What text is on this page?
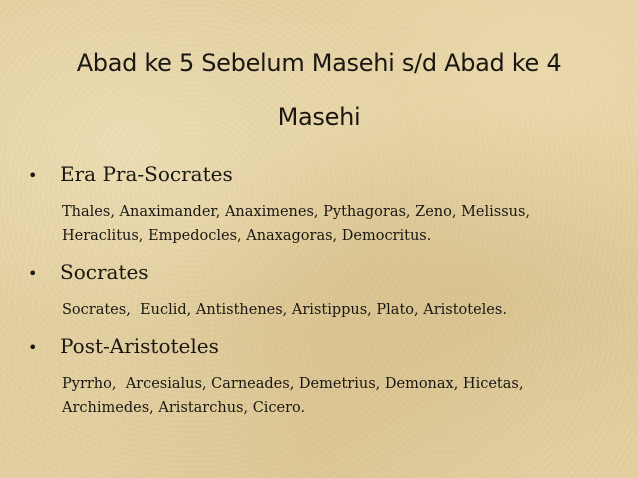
Abad ke 5 Sebelum Masehi s/d Abad ke 4
Masehi
•	Era Pra-Socrates
Thales, Anaximander, Anaximenes, Pythagoras, Zeno, Melissus,
Heraclitus, Empedocles, Anaxagoras, Democritus.
•	Socrates
Socrates,  Euclid, Antisthenes, Aristippus, Plato, Aristoteles.
•	Post-Aristoteles
Pyrrho,  Arcesialus, Carneades, Demetrius, Demonax, Hicetas,
Archimedes, Aristarchus, Cicero.
